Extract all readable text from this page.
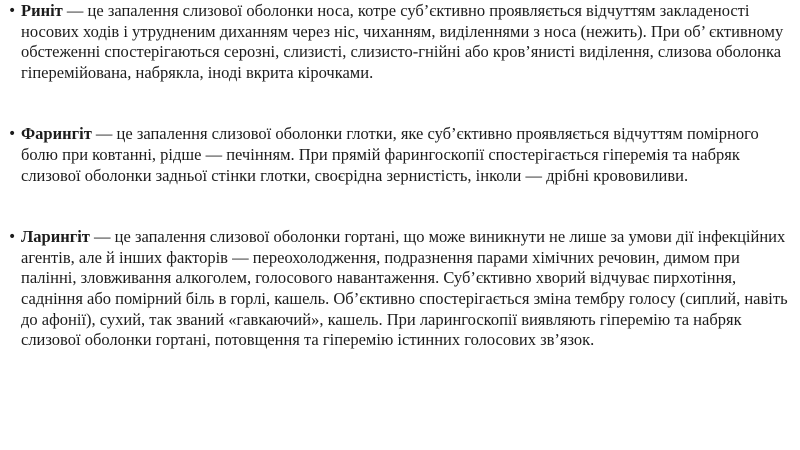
• Риніт — це запалення слизової оболонки носа, котре суб’єктивно проявляється відчуттям закладеності носових ходів і утрудненим диханням через ніс, чиханням, виділеннями з носа (нежить). При об’ єктивному обстеженні спостерігаються серозні, слизисті, слизисто-гнійні або кров’янисті виділення, слизова оболонка гіперемійована, набрякла, іноді вкрита кірочками.
• Фарингіт — це запалення слизової оболонки глотки, яке суб’єктивно проявляється відчуттям помірного болю при ковтанні, рідше — печінням. При прямій фарингоскопії спостерігається гіперемія та набряк слизової оболонки задньої стінки глотки, своєрідна зернистість, інколи — дрібні крововиливи.
• Ларингіт — це запалення слизової оболонки гортані, що може виникнути не лише за умови дії інфекційних агентів, але й інших факторів — переохолодження, подразнення парами хімічних речовин, димом при палінні, зловживання алкоголем, голосового навантаження. Суб’єктивно хворий відчуває пирхотіння, саднiння або помірний біль в горлі, кашель. Об’єктивно спостерігається зміна тембру голосу (сиплий, навіть до афонії), сухий, так званий «гавкаючий», кашель. При ларингоскопії виявляють гіперемію та набряк слизової оболонки гортані, потовщення та гіперемію істинних голосових зв’язок.
